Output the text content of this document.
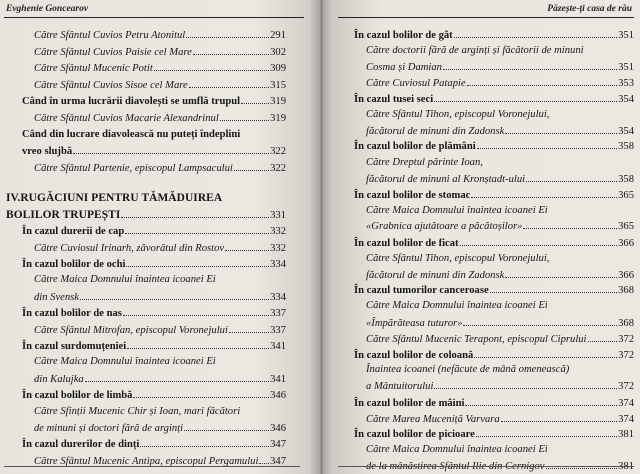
Evghenie Goncearov
Către Sfântul Cuvios Petru Atonitul	291
Către Sfântul Cuvios Paisie cel Mare	302
Către Sfântul Mucenic Potit	309
Către Sfântul Cuvios Sisoe cel Mare	315
Când în urma lucrării diavolești se umflă trupul	319
Către Sfântul Cuvios Macarie Alexandrinul	319
Când din lucrare diavolească nu puteți îndeplini
vreo slujbă	322
Către Sfântul Partenie, episcopul Lampsacului	322
IV.RUGĂCIUNI PENTRU TĂMĂDUIREA
BOLILOR TRUPEȘTI	331
În cazul durerii de cap	332
Către Cuviosul Irinarh, zăvorâtul din Rostov	332
În cazul bolilor de ochi	334
Către Maica Domnului înaintea icoanei Ei
din Svensk	334
În cazul bolilor de nas	337
Către Sfântul Mitrofan, episcopul Voronejului	337
În cazul surdomuțeniei	341
Către Maica Domnului înaintea icoanei Ei
din Kalujka	341
În cazul bolilor de limbă	346
Către Sfinții Mucenic Chir și Ioan, mari făcători
de minuni și doctori fără de arginți	346
În cazul durerilor de dinți	347
Către Sfântul Mucenic Antipa, episcopul Pergamului 347
Păzește-ți casa de rău
În cazul bolilor de gât	351
Către doctorii fără de arginți și făcătorii de minuni
Cosma și Damian	351
Către Cuviosul Patapie	353
În cazul tusei seci	354
Către Sfântul Tihon, episcopul Voronejului,
făcătorul de minuni din Zadonsk	354
În cazul bolilor de plămâni	358
Către Dreptul părinte Ioan,
făcătorul de minuni al Kronștadt-ului	358
În cazul bolilor de stomac	365
Către Maica Domnului înaintea icoanei Ei
«Grabnica ajutătoare a păcătoșilor»	365
În cazul bolilor de ficat	366
Către Sfântul Tihon, episcopul Voronejului,
făcătorul de minuni din Zadonsk	366
În cazul tumorilor canceroase	368
Către Maica Domnului înaintea icoanei Ei
«Împărăteasa tuturor»	368
Către Sfântul Mucenic Terapont, episcopul Ciprului	372
În cazul bolilor de coloană	372
Înaintea icoanei (nefăcute de mână omenească)
a Mântuitorului	372
În cazul bolilor de mâini	374
Către Marea Muceniță Varvara	374
În cazul bolilor de picioare	381
Către Maica Domnului înaintea icoanei Ei
de la mânăstirea Sfântul Ilie din Cernigov	381
